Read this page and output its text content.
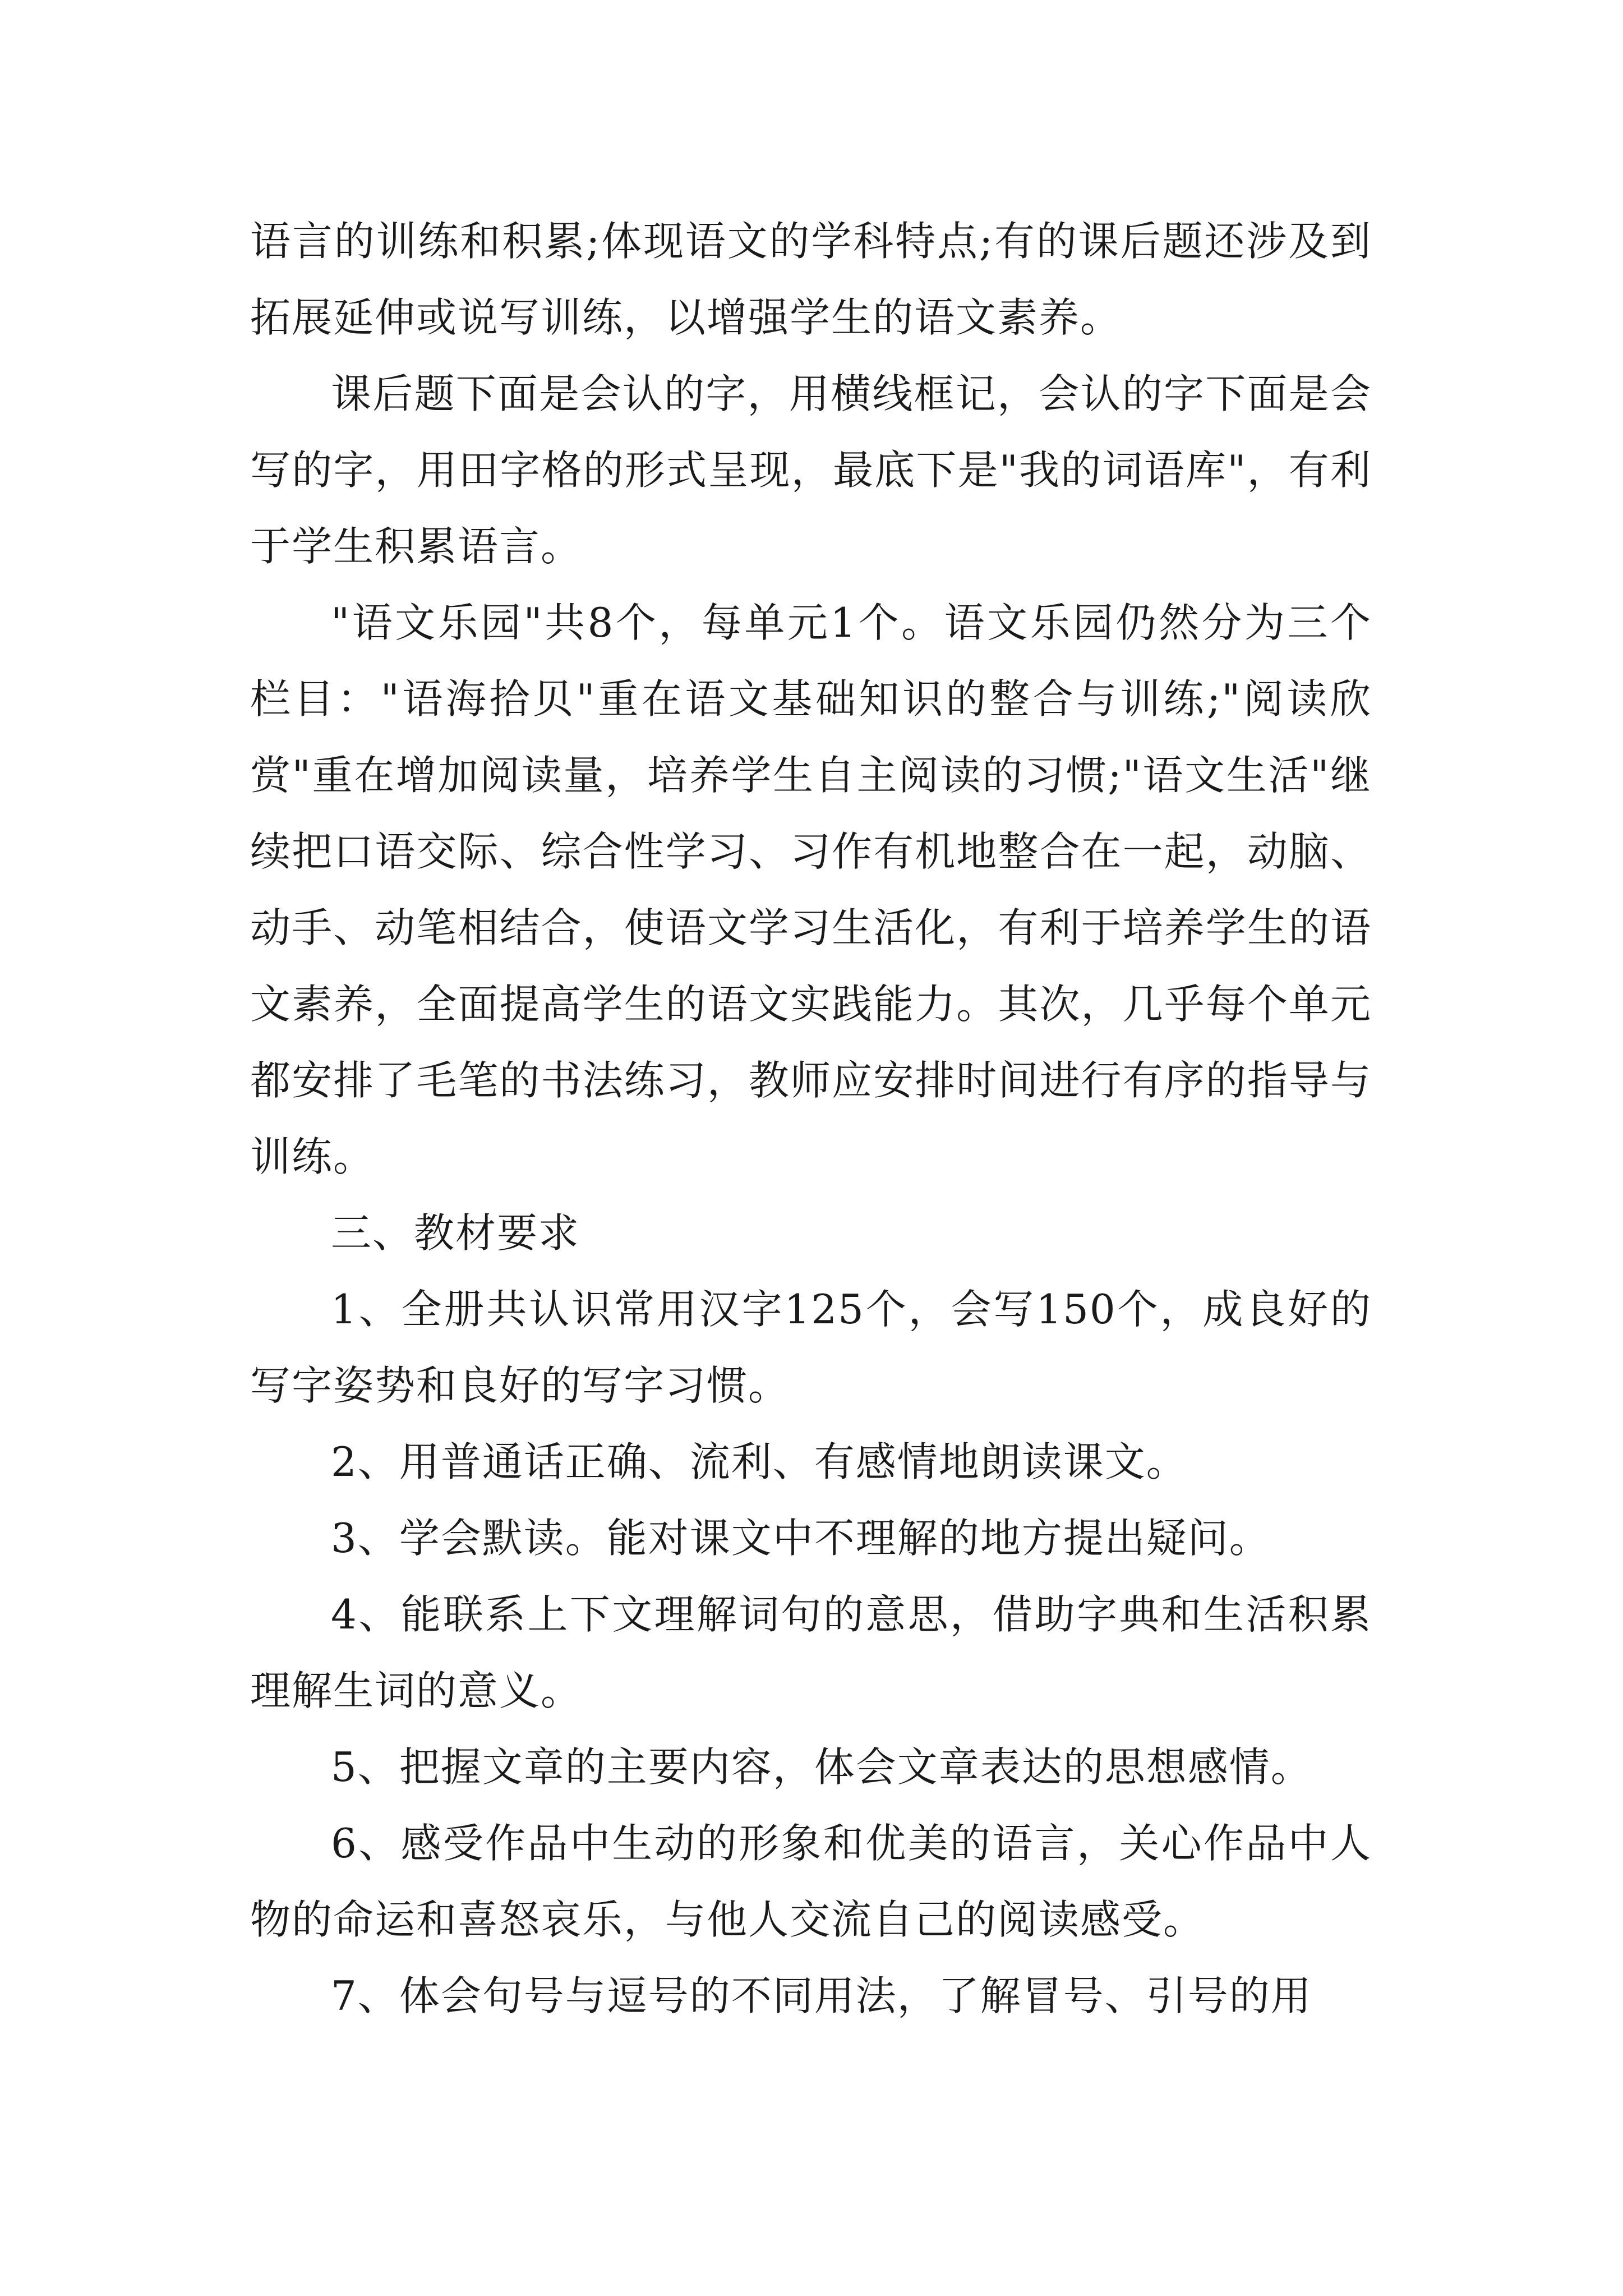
语言的训练和积累;体现语文的学科特点;有的课后题还涉及到拓展延伸或说写训练，以增强学生的语文素养。

课后题下面是会认的字，用横线框记，会认的字下面是会写的字，用田字格的形式呈现，最底下是"我的词语库"，有利于学生积累语言。

"语文乐园"共8个，每单元1个。语文乐园仍然分为三个栏目："语海拾贝"重在语文基础知识的整合与训练;"阅读欣赏"重在增加阅读量，培养学生自主阅读的习惯;"语文生活"继续把口语交际、综合性学习、习作有机地整合在一起，动脑、动手、动笔相结合，使语文学习生活化，有利于培养学生的语文素养，全面提高学生的语文实践能力。其次，几乎每个单元都安排了毛笔的书法练习，教师应安排时间进行有序的指导与训练。

三、教材要求

1、全册共认识常用汉字125个，会写150个，成良好的写字姿势和良好的写字习惯。

2、用普通话正确、流利、有感情地朗读课文。

3、学会默读。能对课文中不理解的地方提出疑问。

4、能联系上下文理解词句的意思，借助字典和生活积累理解生词的意义。

5、把握文章的主要内容，体会文章表达的思想感情。

6、感受作品中生动的形象和优美的语言，关心作品中人物的命运和喜怒哀乐，与他人交流自己的阅读感受。

7、体会句号与逗号的不同用法，了解冒号、引号的用
